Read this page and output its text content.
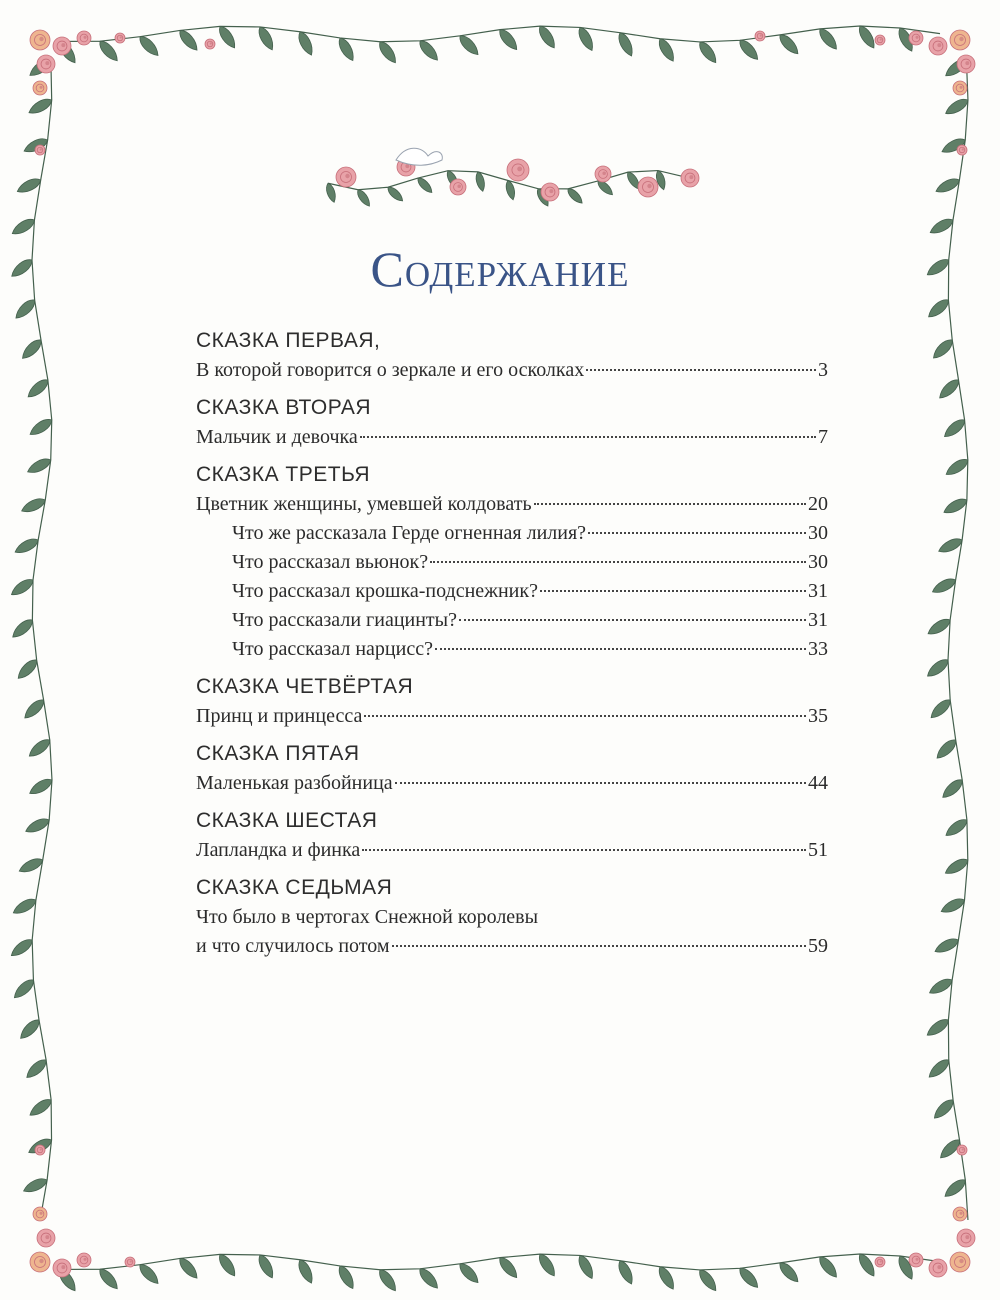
Содержание
СКАЗКА ПЕРВАЯ,
В которой говорится о зеркале и его осколках	3
СКАЗКА ВТОРАЯ
Мальчик и девочка	7
СКАЗКА ТРЕТЬЯ
Цветник женщины, умевшей колдовать	20
Что же рассказала Герде огненная лилия?	30
Что рассказал вьюнок?	30
Что рассказал крошка-подснежник?	31
Что рассказали гиацинты?	31
Что рассказал нарцисс?	33
СКАЗКА ЧЕТВЁРТАЯ
Принц и принцесса	35
СКАЗКА ПЯТАЯ
Маленькая разбойница	44
СКАЗКА ШЕСТАЯ
Лапландка и финка	51
СКАЗКА СЕДЬМАЯ
Что было в чертогах Снежной королевы
и что случилось потом	59
